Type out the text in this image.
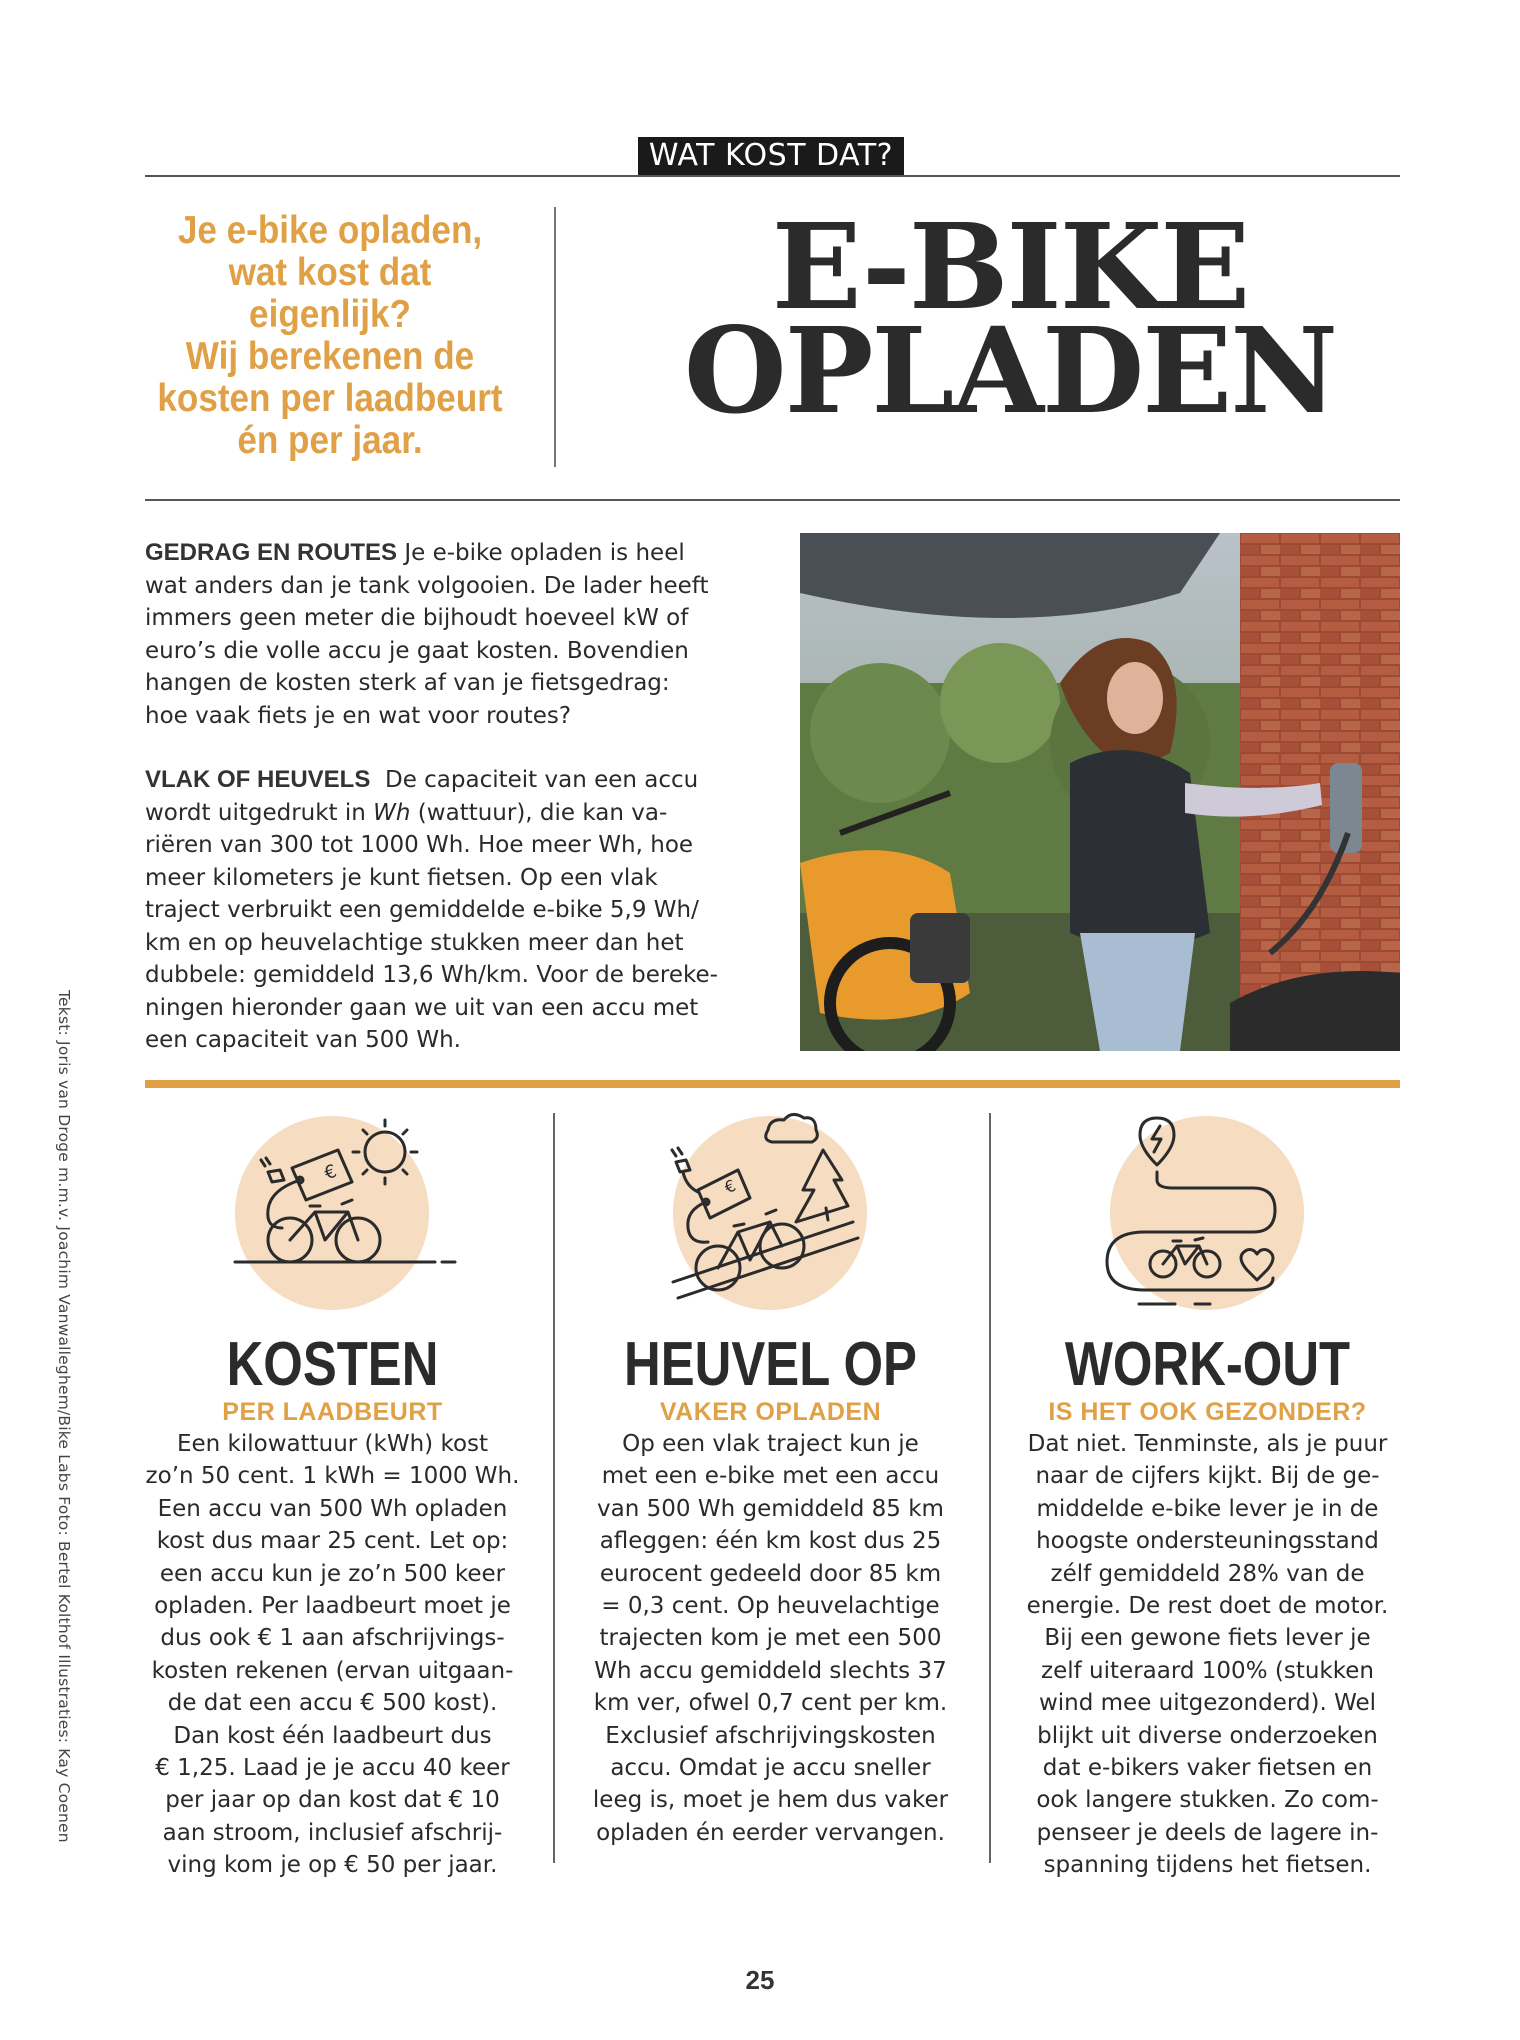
WAT KOST DAT?
Je e-bike opladen,
wat kost dat
eigenlijk?
Wij berekenen de
kosten per laadbeurt
én per jaar.
E-BIKE
OPLADEN

GEDRAG EN ROUTES Je e-bike opladen is heel
wat anders dan je tank volgooien. De lader heeft
immers geen meter die bijhoudt hoeveel kW of
euro’s die volle accu je gaat kosten. Bovendien
hangen de kosten sterk af van je fietsgedrag:
hoe vaak fiets je en wat voor routes?

VLAK OF HEUVELS  De capaciteit van een accu
wordt uitgedrukt in Wh (wattuur), die kan va-
riëren van 300 tot 1000 Wh. Hoe meer Wh, hoe
meer kilometers je kunt fietsen. Op een vlak
traject verbruikt een gemiddelde e-bike 5,9 Wh/
km en op heuvelachtige stukken meer dan het
dubbele: gemiddeld 13,6 Wh/km. Voor de bereke-
ningen hieronder gaan we uit van een accu met
een capaciteit van 500 Wh.

Tekst: Joris van Droge m.m.v. Joachim Vanwalleghem/Bike Labs Foto: Bertel Kolthof Illustraties: Kay Coenen	€
KOSTEN
PER LAADBEURT
Een kilowattuur (kWh) kost
zo’n 50 cent. 1 kWh = 1000 Wh.
Een accu van 500 Wh opladen
kost dus maar 25 cent. Let op:
een accu kun je zo’n 500 keer
opladen. Per laadbeurt moet je
dus ook € 1 aan afschrijvings-
kosten rekenen (ervan uitgaan-
de dat een accu € 500 kost).
Dan kost één laadbeurt dus
€ 1,25. Laad je je accu 40 keer
per jaar op dan kost dat € 10
aan stroom, inclusief afschrij-
ving kom je op € 50 per jaar.
€
HEUVEL OP
VAKER OPLADEN
Op een vlak traject kun je
met een e-bike met een accu
van 500 Wh gemiddeld 85 km
afleggen: één km kost dus 25
eurocent gedeeld door 85 km
= 0,3 cent. Op heuvelachtige
trajecten kom je met een 500
Wh accu gemiddeld slechts 37
km ver, ofwel 0,7 cent per km.
Exclusief afschrijvingskosten
accu. Omdat je accu sneller
leeg is, moet je hem dus vaker
opladen én eerder vervangen.
WORK-OUT
IS HET OOK GEZONDER?
Dat niet. Tenminste, als je puur
naar de cijfers kijkt. Bij de ge-
middelde e-bike lever je in de
hoogste ondersteuningsstand
zélf gemiddeld 28% van de
energie. De rest doet de motor.
Bij een gewone fiets lever je
zelf uiteraard 100% (stukken
wind mee uitgezonderd). Wel
blijkt uit diverse onderzoeken
dat e-bikers vaker fietsen en
ook langere stukken. Zo com-
penseer je deels de lagere in-
spanning tijdens het fietsen.
25
